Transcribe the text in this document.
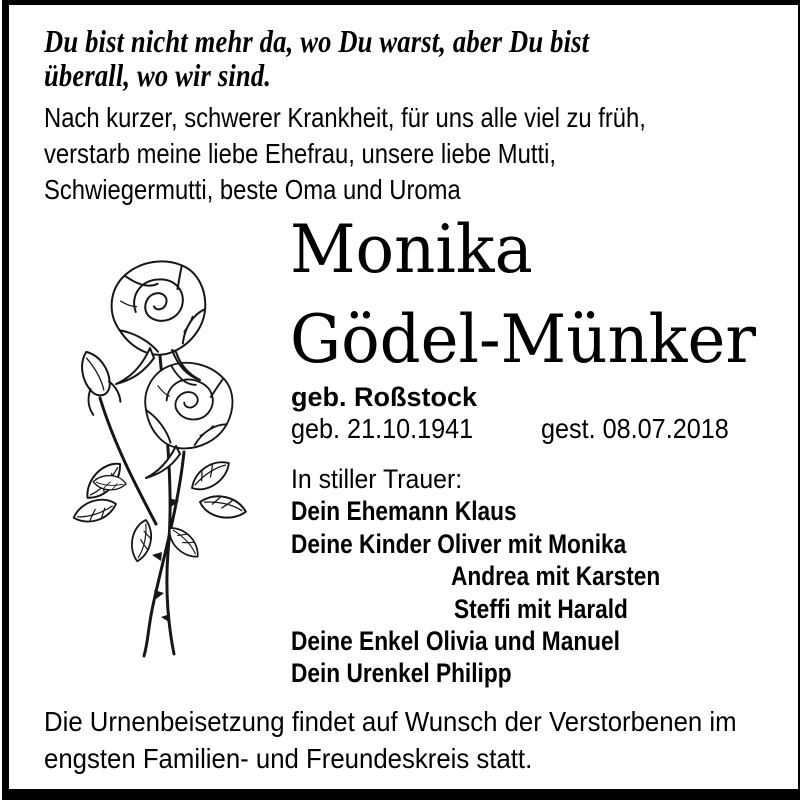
Du bist nicht mehr da, wo Du warst, aber Du bist
überall, wo wir sind.
Nach kurzer, schwerer Krankheit, für uns alle viel zu früh,
verstarb meine liebe Ehefrau, unsere liebe Mutti,
Schwiegermutti, beste Oma und Uroma
Monika
Gödel-Münker
geb. Roßstock
geb. 21.10.1941 gest. 08.07.2018
In stiller Trauer:
Dein Ehemann Klaus
Deine Kinder Oliver mit Monika
Andrea mit Karsten
Steffi mit Harald
Deine Enkel Olivia und Manuel
Dein Urenkel Philipp
Die Urnenbeisetzung findet auf Wunsch der Verstorbenen im
engsten Familien- und Freundeskreis statt.
